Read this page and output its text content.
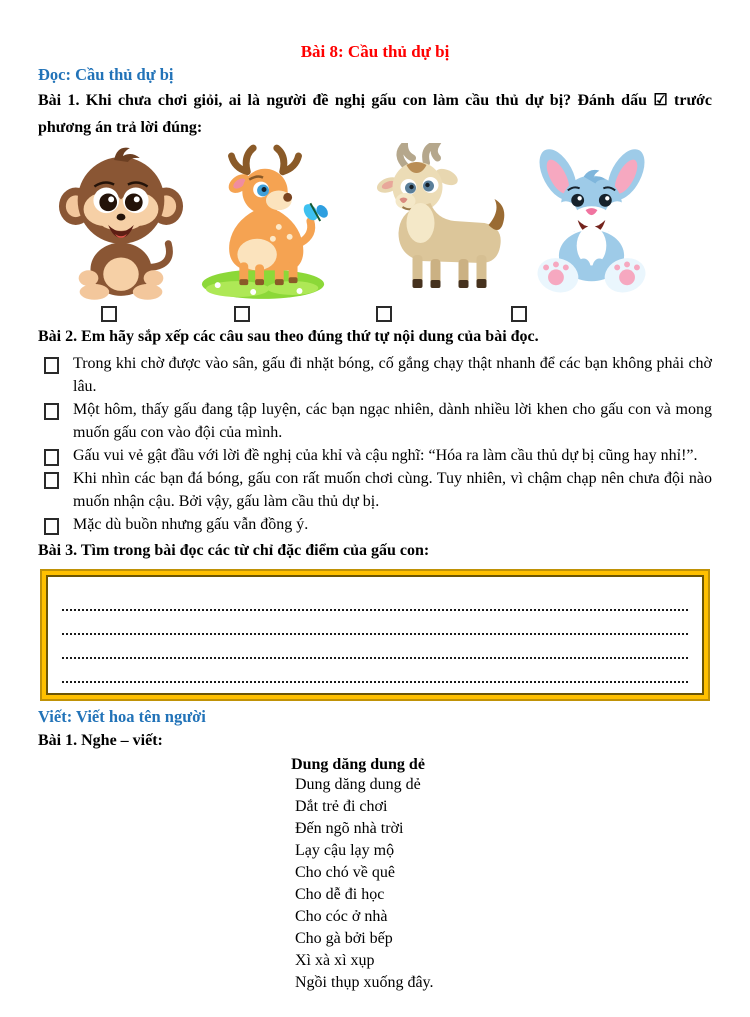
Bài 8: Cầu thủ dự bị
Đọc: Cầu thủ dự bị

Bài 1. Khi chưa chơi giỏi, ai là người đề nghị gấu con làm cầu thủ dự bị? Đánh dấu ☑ trước phương án trả lời đúng:

Bài 2. Em hãy sắp xếp các câu sau theo đúng thứ tự nội dung của bài đọc.

Trong khi chờ được vào sân, gấu đi nhặt bóng, cố gắng chạy thật nhanh để các bạn không phải chờ lâu.
Một hôm, thấy gấu đang tập luyện, các bạn ngạc nhiên, dành nhiều lời khen cho gấu con và mong muốn gấu con vào đội của mình.
Gấu vui vẻ gật đầu với lời đề nghị của khỉ và cậu nghĩ: “Hóa ra làm cầu thủ dự bị cũng hay nhỉ!”.
Khi nhìn các bạn đá bóng, gấu con rất muốn chơi cùng. Tuy nhiên, vì chậm chạp nên chưa đội nào muốn nhận cậu. Bởi vậy, gấu làm cầu thủ dự bị.
Mặc dù buồn nhưng gấu vẫn đồng ý.

Bài 3. Tìm trong bài đọc các từ chỉ đặc điểm của gấu con:

Viết: Viết hoa tên người

Bài 1. Nghe – viết:

Dung dăng dung dẻ
Dung dăng dung dẻ
Dắt trẻ đi chơi
Đến ngõ nhà trời
Lạy cậu lạy mộ
Cho chó về quê
Cho dễ đi học
Cho cóc ở nhà
Cho gà bởi bếp
Xì xà xì xụp
Ngồi thụp xuống đây.
